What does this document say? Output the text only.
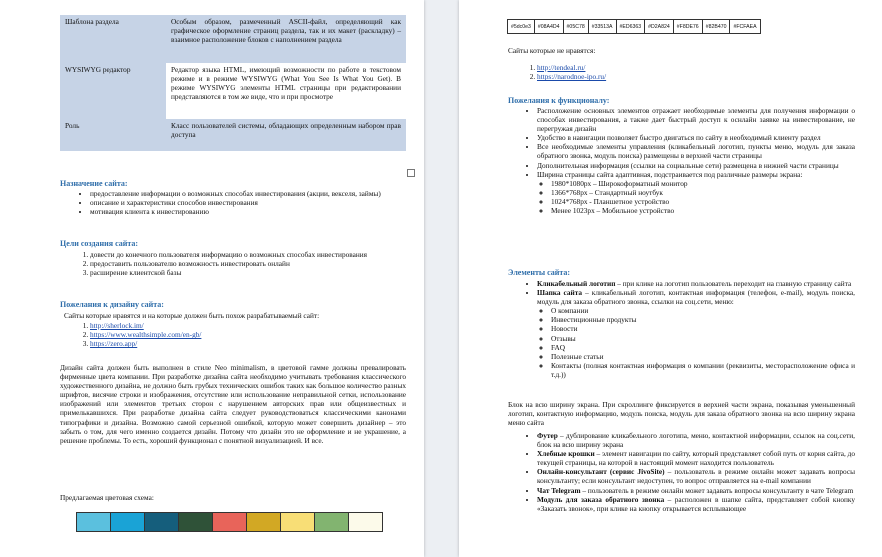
Шаблона раздела	Особым образом, размеченный ASCII-файл, определяющий как графическое оформление страниц раздела, так и их макет (раскладку) – взаимное расположение блоков с наполнением раздела
WYSIWYG редактор	Редактор языка HTML, имеющий возможности по работе в текстовом режиме и в режиме WYSIWYG (What You See Is What You Get). В режиме WYSIWYG элементы HTML страницы при редактировании представляются в том же виде, что и при просмотре
Роль	Класс пользователей системы, обладающих определенным набором прав доступа
Назначение сайта:
• предоставление информации о возможных способах инвестирования (акции, векселя, займы)
• описание и характеристики способов инвестирования
• мотивация клиента к инвестированию
Цели создания сайта:
1. довести до конечного пользователя информацию о возможных способах инвестирования
2. предоставить пользователю возможность инвестировать онлайн
3. расширение клиентской базы
Пожелания к дизайну сайта:
Сайты которые нравятся и на которые должен быть похож разрабатываемый сайт:
1. http://sherlock.im/
2. https://www.wealthsimple.com/en-gb/
3. https://zero.app/
Дизайн сайта должен быть выполнен в стиле Neo minimalism, в цветовой гамме должны превалировать фирменные цвета компании. При разработке дизайна сайта необходимо учитывать требования классического художественного дизайна, не должно быть грубых технических ошибок таких как большое количество разных шрифтов, висячие строки и изображения, отсутствие или использование неправильной сетки, использование изображений или элементов третьих сторон с нарушением авторских прав или общеизвестных и примелькавшихся. При разработке дизайна сайта следует руководствоваться классическими канонами типографики и дизайна. Возможно самой серьезной ошибкой, которую может совершить дизайнер – это забыть о том, для чего именно создается дизайн. Потому что дизайн это не оформление и не украшение, а решение проблемы. То есть, хороший функционал с понятной визуализацией. И все.
Предлагаемая цветовая схема:
#5dc0e3	#08A4D4	#05C78	#33513A	#ED6363	#D2A824	#F8DE76	#82B470	#FCFAEA
Сайты которые не нравятся:
1. http://tendeal.ru/
2. https://narodnoe-ipo.ru/
Пожелания к функционалу:
• Расположение основных элементов отражает необходимые элементы для получения информации о способах инвестирования, а также дает быстрый доступ к оснлайн заявке на инвестирование, не перегружая дизайн
• Удобство в навигации позволяет быстро двигаться по сайту в необходимый клиенту раздел
• Все необходимые элементы управления (кликабельный логотип, пункты меню, модуль для заказа обратного звонка, модуль поиска) размещены в верхней части страницы
• Дополнительная информация (ссылки на социальные сети) размещена в нижней части страницы
• Ширина страницы сайта адаптивная, подстраивается под различные размеры экрана:
◦ 1980*1080px – Широкоформатный монитор
◦ 1366*768px – Стандартный ноутбук
◦ 1024*768px - Планшетное устройство
◦ Менее 1023px – Мобильное устройство
Элементы сайта:
• Кликабельный логотип – при клике на логотип пользователь переходит на главную страницу сайта
• Шапка сайта – кликабельный логотип, контактная информация (телефон, e-mail), модуль поиска, модуль для заказа обратного звонка, ссылки на соц.сети, меню:
◦ О компании
◦ Инвестиционные продукты
◦ Новости
◦ Отзывы
◦ FAQ
◦ Полезные статьи
◦ Контакты (полная контактная информация о компании (реквизиты, месторасположение офиса и т.д.))
Блок на всю ширину экрана. При скроллинге фиксируется в верхней части экрана, показывая уменьшенный логотип, контактную информацию, модуль поиска, модуль для заказа обратного звонка на всю ширину экрана меню сайта
• Футер – дублирование кликабельного логотипа, меню, контактной информации, ссылок на соц.сети, блок на всю ширину экрана
• Хлебные крошки – элемент навигации по сайту, который представляет собой путь от корня сайта, до текущей страницы, на которой в настоящий момент находится пользователь
• Онлайн-консультант (сервис JivoSite) – пользователь в режиме онлайн может задавать вопросы консультанту; если консультант недоступен, то вопрос отправляется на e-mail компании
• Чат Telegram – пользователь в режиме онлайн может задавать вопросы консультанту в чате Telegram
• Модуль для заказа обратного звонка – расположен в шапке сайта, представляет собой кнопку «Заказать звонок», при клике на кнопку открывается всплывающее
